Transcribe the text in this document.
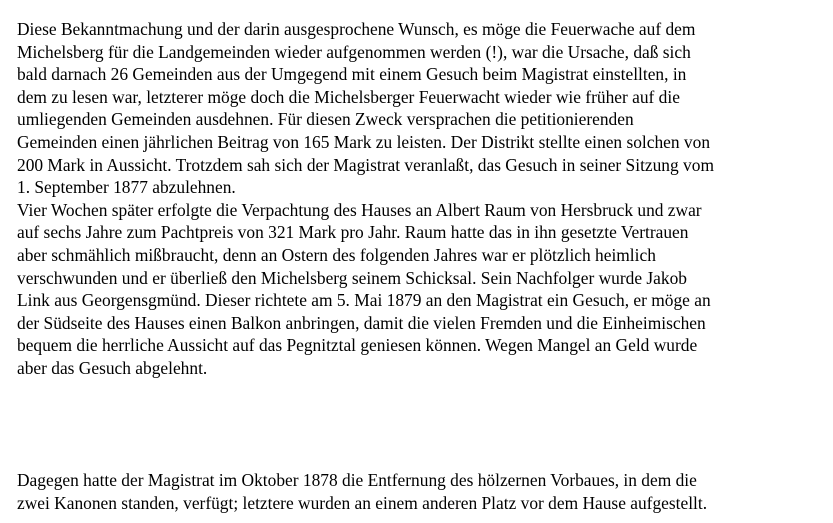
Diese Bekanntmachung und der darin ausgesprochene Wunsch, es möge die Feuerwache auf dem
Michelsberg für die Landgemeinden wieder aufgenommen werden (!), war die Ursache, daß sich
bald darnach 26 Gemeinden aus der Umgegend mit einem Gesuch beim Magistrat einstellten, in
dem zu lesen war, letzterer möge doch die Michelsberger Feuerwacht wieder wie früher auf die
umliegenden Gemeinden ausdehnen. Für diesen Zweck versprachen die petitionierenden
Gemeinden einen jährlichen Beitrag von 165 Mark zu leisten. Der Distrikt stellte einen solchen von
200 Mark in Aussicht. Trotzdem sah sich der Magistrat veranlaßt, das Gesuch in seiner Sitzung vom
1. September 1877 abzulehnen.

Vier Wochen später erfolgte die Verpachtung des Hauses an Albert Raum von Hersbruck und zwar
auf sechs Jahre zum Pachtpreis von 321 Mark pro Jahr. Raum hatte das in ihn gesetzte Vertrauen
aber schmählich mißbraucht, denn an Ostern des folgenden Jahres war er plötzlich heimlich
verschwunden und er überließ den Michelsberg seinem Schicksal. Sein Nachfolger wurde Jakob
Link aus Georgensgmünd. Dieser richtete am 5. Mai 1879 an den Magistrat ein Gesuch, er möge an
der Südseite des Hauses einen Balkon anbringen, damit die vielen Fremden und die Einheimischen
bequem die herrliche Aussicht auf das Pegnitztal geniesen können. Wegen Mangel an Geld wurde
aber das Gesuch abgelehnt.

Dagegen hatte der Magistrat im Oktober 1878 die Entfernung des hölzernen Vorbaues, in dem die
zwei Kanonen standen, verfügt; letztere wurden an einem anderen Platz vor dem Hause aufgestellt.
